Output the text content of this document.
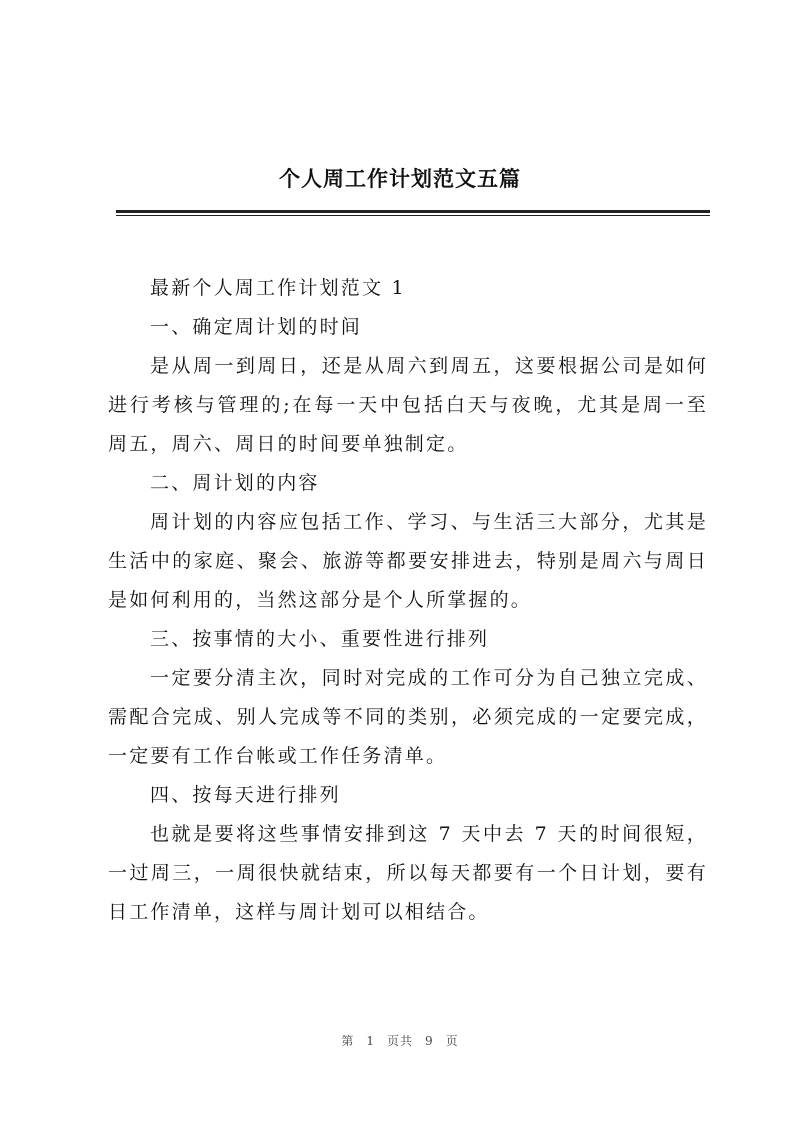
个人周工作计划范文五篇

最新个人周工作计划范文 1

一、确定周计划的时间

是从周一到周日，还是从周六到周五，这要根据公司是如何进行考核与管理的;在每一天中包括白天与夜晚，尤其是周一至周五，周六、周日的时间要单独制定。

二、周计划的内容

周计划的内容应包括工作、学习、与生活三大部分，尤其是生活中的家庭、聚会、旅游等都要安排进去，特别是周六与周日是如何利用的，当然这部分是个人所掌握的。

三、按事情的大小、重要性进行排列

一定要分清主次，同时对完成的工作可分为自己独立完成、需配合完成、别人完成等不同的类别，必须完成的一定要完成，一定要有工作台帐或工作任务清单。

四、按每天进行排列

也就是要将这些事情安排到这 7 天中去 7 天的时间很短，一过周三，一周很快就结束，所以每天都要有一个日计划，要有日工作清单，这样与周计划可以相结合。

第 1 页共 9 页
